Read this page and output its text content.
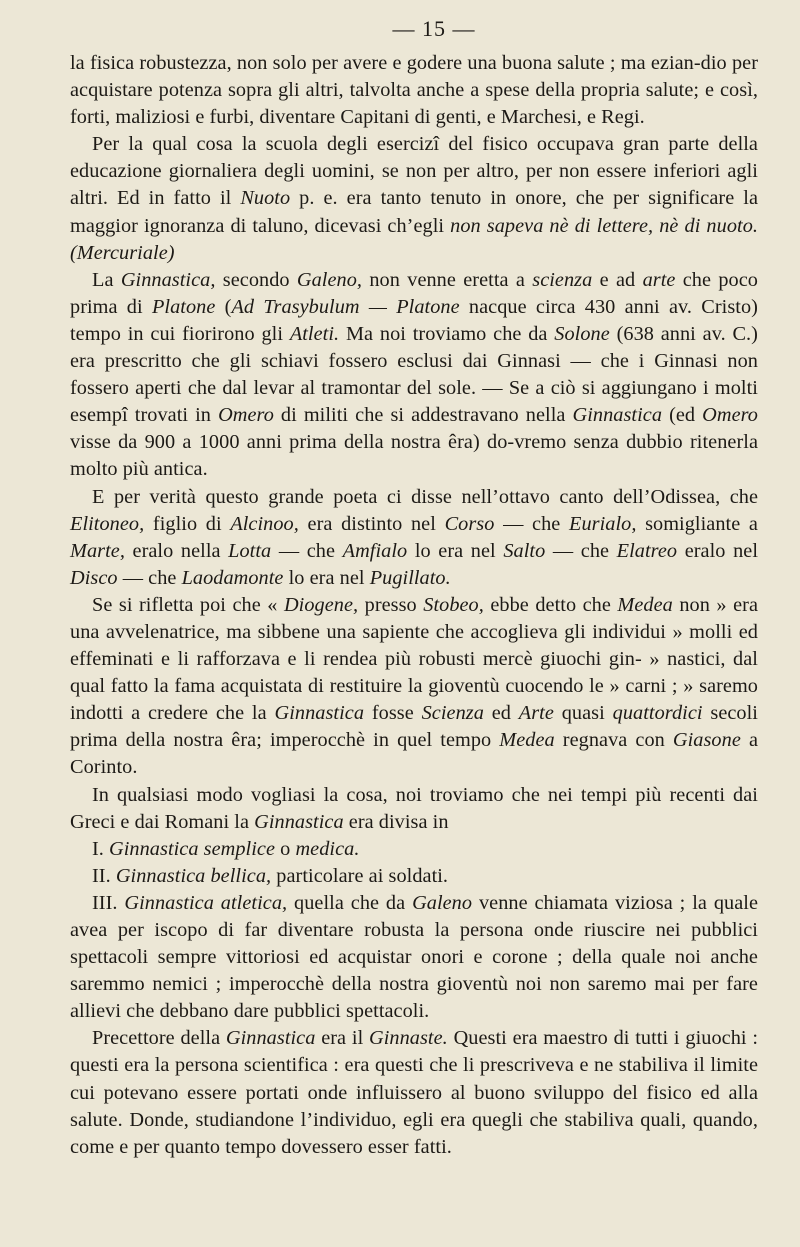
— 15 —

la fisica robustezza, non solo per avere e godere una buona salute ; ma ezian-dio per acquistare potenza sopra gli altri, talvolta anche a spese della propria salute; e così, forti, maliziosi e furbi, diventare Capitani di genti, e Marchesi, e Regi.

Per la qual cosa la scuola degli esercizî del fisico occupava gran parte della educazione giornaliera degli uomini, se non per altro, per non essere inferiori agli altri. Ed in fatto il Nuoto p. e. era tanto tenuto in onore, che per significare la maggior ignoranza di taluno, dicevasi ch’egli non sapeva nè di lettere, nè di nuoto. (Mercuriale)

La Ginnastica, secondo Galeno, non venne eretta a scienza e ad arte che poco prima di Platone (Ad Trasybulum — Platone nacque circa 430 anni av. Cristo) tempo in cui fiorirono gli Atleti. Ma noi troviamo che da Solone (638 anni av. C.) era prescritto che gli schiavi fossero esclusi dai Ginnasi — che i Ginnasi non fossero aperti che dal levar al tramontar del sole. — Se a ciò si aggiungano i molti esempî trovati in Omero di militi che si addestravano nella Ginnastica (ed Omero visse da 900 a 1000 anni prima della nostra êra) do-vremo senza dubbio ritenerla molto più antica.

E per verità questo grande poeta ci disse nell’ottavo canto dell’Odissea, che Elitoneo, figlio di Alcinoo, era distinto nel Corso — che Eurialo, somigliante a Marte, eralo nella Lotta — che Amfialo lo era nel Salto — che Elatreo eralo nel Disco — che Laodamonte lo era nel Pugillato.

Se si rifletta poi che « Diogene, presso Stobeo, ebbe detto che Medea non » era una avvelenatrice, ma sibbene una sapiente che accoglieva gli individui » molli ed effeminati e li rafforzava e li rendea più robusti mercè giuochi gin- » nastici, dal qual fatto la fama acquistata di restituire la gioventù cuocendo le » carni ; » saremo indotti a credere che la Ginnastica fosse Scienza ed Arte quasi quattordici secoli prima della nostra êra; imperocchè in quel tempo Medea regnava con Giasone a Corinto.

In qualsiasi modo vogliasi la cosa, noi troviamo che nei tempi più recenti dai Greci e dai Romani la Ginnastica era divisa in

I. Ginnastica semplice o medica.

II. Ginnastica bellica, particolare ai soldati.

III. Ginnastica atletica, quella che da Galeno venne chiamata viziosa ; la quale avea per iscopo di far diventare robusta la persona onde riuscire nei pubblici spettacoli sempre vittoriosi ed acquistar onori e corone ; della quale noi anche saremmo nemici ; imperocchè della nostra gioventù noi non saremo mai per fare allievi che debbano dare pubblici spettacoli.

Precettore della Ginnastica era il Ginnaste. Questi era maestro di tutti i giuochi : questi era la persona scientifica : era questi che li prescriveva e ne stabiliva il limite cui potevano essere portati onde influissero al buono sviluppo del fisico ed alla salute. Donde, studiandone l’individuo, egli era quegli che stabiliva quali, quando, come e per quanto tempo dovessero esser fatti.
